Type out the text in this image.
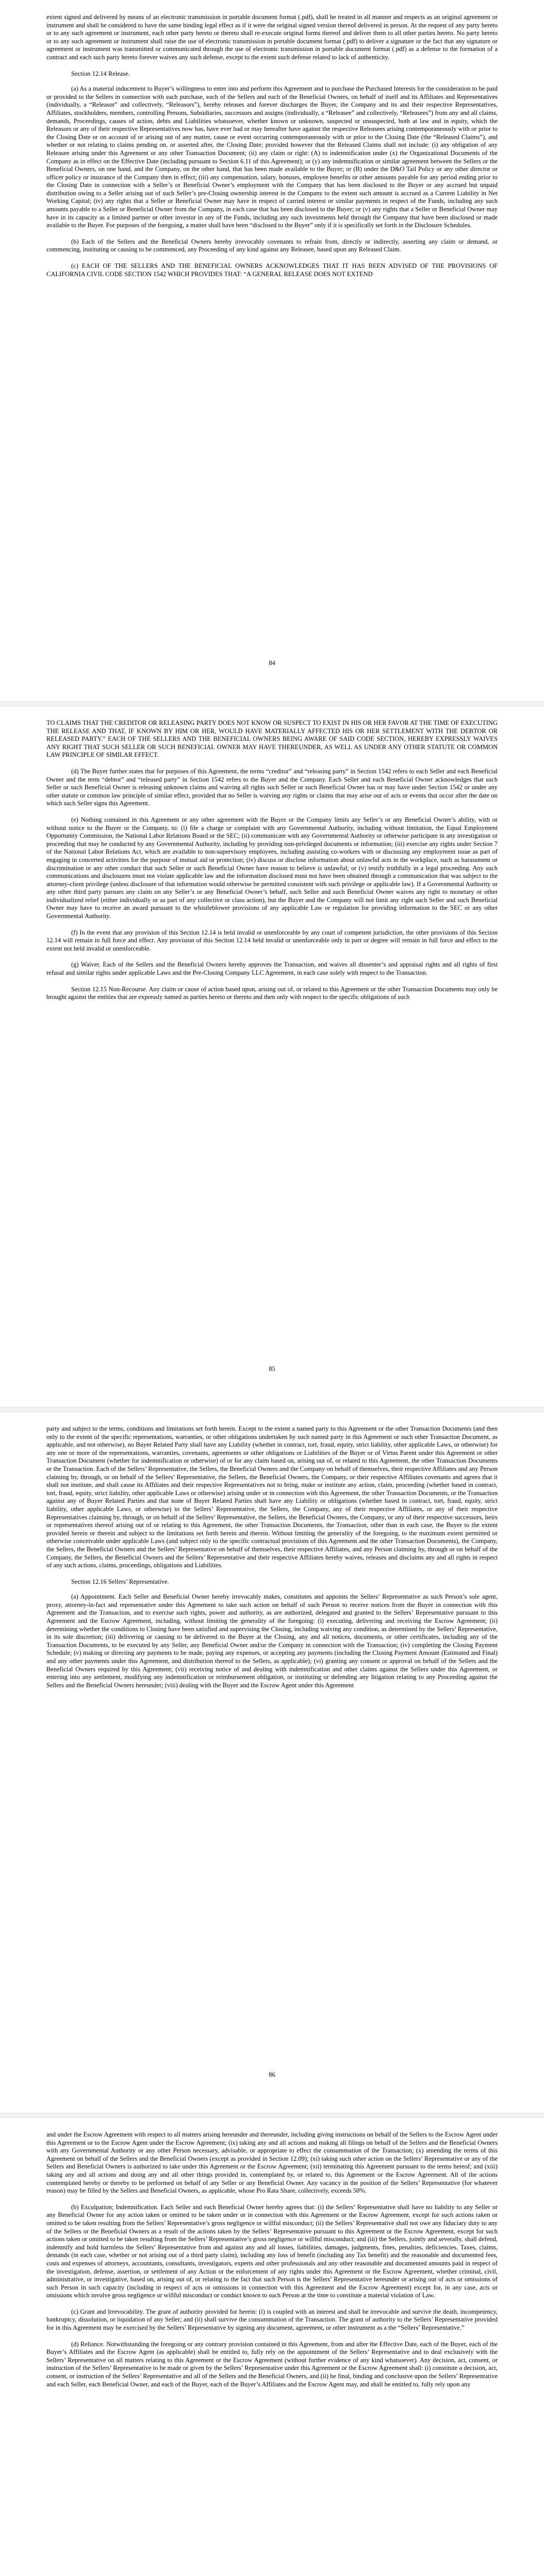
extent signed and delivered by means of an electronic transmission in portable document format (.pdf), shall be treated in all manner and respects as an original agreement or instrument and shall be considered to have the same binding legal effect as if it were the original signed version thereof delivered in person. At the request of any party hereto or to any such agreement or instrument, each other party hereto or thereto shall re-execute original forms thereof and deliver them to all other parties hereto. No party hereto or to any such agreement or instrument shall raise the use of electronic transmission in portable document format (.pdf) to deliver a signature or the fact that any signature or agreement or instrument was transmitted or communicated through the use of electronic transmission in portable document format (.pdf) as a defense to the formation of a contract and each such party hereto forever waives any such defense, except to the extent such defense related to lack of authenticity.

Section 12.14 Release.

(a) As a material inducement to Buyer’s willingness to enter into and perform this Agreement and to purchase the Purchased Interests for the consideration to be paid or provided to the Sellers in connection with such purchase, each of the Sellers and each of the Beneficial Owners, on behalf of itself and its Affiliates and Representatives (individually, a “Releasor” and collectively, “Releasors”), hereby releases and forever discharges the Buyer, the Company and its and their respective Representatives, Affiliates, stockholders, members, controlling Persons, Subsidiaries, successors and assigns (individually, a “Releasee” and collectively, “Releasees”) from any and all claims, demands, Proceedings, causes of action, debts and Liabilities whatsoever, whether known or unknown, suspected or unsuspected, both at law and in equity, which the Releasors or any of their respective Representatives now has, have ever had or may hereafter have against the respective Releasees arising contemporaneously with or prior to the Closing Date or on account of or arising out of any matter, cause or event occurring contemporaneously with or prior to the Closing Date (the “Released Claims”), and whether or not relating to claims pending on, or asserted after, the Closing Date; provided however that the Released Claims shall not include: (i) any obligation of any Releasee arising under this Agreement or any other Transaction Document; (ii) any claim or right: (A) to indemnification under (x) the Organizational Documents of the Company as in effect on the Effective Date (including pursuant to Section 6.11 of this Agreement); or (y) any indemnification or similar agreement between the Sellers or the Beneficial Owners, on one hand, and the Company, on the other hand, that has been made available to the Buyer; or (B) under the D&O Tail Policy or any other director or officer policy or insurance of the Company then in effect; (iii) any compensation, salary, bonuses, employee benefits or other amounts payable for any period ending prior to the Closing Date in connection with a Seller’s or Beneficial Owner’s employment with the Company that has been disclosed to the Buyer or any accrued but unpaid distribution owing to a Seller arising out of such Seller’s pre-Closing ownership interest in the Company to the extent such amount is accrued as a Current Liability in Net Working Capital; (iv) any rights that a Seller or Beneficial Owner may have in respect of carried interest or similar payments in respect of the Funds, including any such amounts payable to a Seller or Beneficial Owner from the Company, in each case that has been disclosed to the Buyer; or (v) any rights that a Seller or Beneficial Owner may have in its capacity as a limited partner or other investor in any of the Funds, including any such investments held through the Company that have been disclosed or made available to the Buyer. For purposes of the foregoing, a matter shall have been “disclosed to the Buyer” only if it is specifically set forth in the Disclosure Schedules.

(b) Each of the Sellers and the Beneficial Owners hereby irrevocably covenants to refrain from, directly or indirectly, asserting any claim or demand, or commencing, instituting or causing to be commenced, any Proceeding of any kind against any Releasee, based upon any Released Claim.

(c) EACH OF THE SELLERS AND THE BENEFICIAL OWNERS ACKNOWLEDGES THAT IT HAS BEEN ADVISED OF THE PROVISIONS OF CALIFORNIA CIVIL CODE SECTION 1542 WHICH PROVIDES THAT: “A GENERAL RELEASE DOES NOT EXTEND

84

TO CLAIMS THAT THE CREDITOR OR RELEASING PARTY DOES NOT KNOW OR SUSPECT TO EXIST IN HIS OR HER FAVOR AT THE TIME OF EXECUTING THE RELEASE AND THAT, IF KNOWN BY HIM OR HER, WOULD HAVE MATERIALLY AFFECTED HIS OR HER SETTLEMENT WITH THE DEBTOR OR RELEASED PARTY.” EACH OF THE SELLERS AND THE BENEFICIAL OWNERS BEING AWARE OF SAID CODE SECTION, HEREBY EXPRESSLY WAIVES ANY RIGHT THAT SUCH SELLER OR SUCH BENEFICIAL OWNER MAY HAVE THEREUNDER, AS WELL AS UNDER ANY OTHER STATUTE OR COMMON LAW PRINCIPLE OF SIMILAR EFFECT.

(d) The Buyer further states that for purposes of this Agreement, the terms “creditor” and “releasing party” in Section 1542 refers to each Seller and each Beneficial Owner and the term “debtor” and “released party” in Section 1542 refers to the Buyer and the Company. Each Seller and each Beneficial Owner acknowledges that such Seller or such Beneficial Owner is releasing unknown claims and waiving all rights such Seller or such Beneficial Owner has or may have under Section 1542 or under any other statute or common law principle of similar effect, provided that no Seller is waiving any rights or claims that may arise out of acts or events that occur after the date on which such Seller signs this Agreement.

(e) Nothing contained in this Agreement or any other agreement with the Buyer or the Company limits any Seller’s or any Beneficial Owner’s ability, with or without notice to the Buyer or the Company, to: (i) file a charge or complaint with any Governmental Authority, including without limitation, the Equal Employment Opportunity Commission, the National Labor Relations Board or the SEC; (ii) communicate with any Governmental Authority or otherwise participate in any investigation or proceeding that may be conducted by any Governmental Authority, including by providing non-privileged documents or information; (iii) exercise any rights under Section 7 of the National Labor Relations Act, which are available to non-supervisory employees, including assisting co-workers with or discussing any employment issue as part of engaging in concerted activities for the purpose of mutual aid or protection; (iv) discuss or disclose information about unlawful acts in the workplace, such as harassment or discrimination or any other conduct that such Seller or such Beneficial Owner have reason to believe is unlawful; or (v) testify truthfully in a legal proceeding. Any such communications and disclosures must not violate applicable law and the information disclosed must not have been obtained through a communication that was subject to the attorney-client privilege (unless disclosure of that information would otherwise be permitted consistent with such privilege or applicable law). If a Governmental Authority or any other third party pursues any claim on any Seller’s or any Beneficial Owner’s behalf, such Seller and such Beneficial Owner waives any right to monetary or other individualized relief (either individually or as part of any collective or class action), but the Buyer and the Company will not limit any right such Seller and such Beneficial Owner may have to receive an award pursuant to the whistleblower provisions of any applicable Law or regulation for providing information to the SEC or any other Governmental Authority.

(f) In the event that any provision of this Section 12.14 is held invalid or unenforceable by any court of competent jurisdiction, the other provisions of this Section 12.14 will remain in full force and effect. Any provision of this Section 12.14 held invalid or unenforceable only in part or degree will remain in full force and effect to the extent not held invalid or unenforceable.

(g) Waiver. Each of the Sellers and the Beneficial Owners hereby approves the Transaction, and waives all dissenter’s and appraisal rights and all rights of first refusal and similar rights under applicable Laws and the Pre-Closing Company LLC Agreement, in each case solely with respect to the Transaction.

Section 12.15 Non-Recourse. Any claim or cause of action based upon, arising out of, or related to this Agreement or the other Transaction Documents may only be brought against the entities that are expressly named as parties hereto or thereto and then only with respect to the specific obligations of such

85

party and subject to the terms, conditions and limitations set forth herein. Except to the extent a named party to this Agreement or the other Transaction Documents (and then only to the extent of the specific representations, warranties, or other obligations undertaken by such named party in this Agreement or such other Transaction Document, as applicable, and not otherwise), no Buyer Related Party shall have any Liability (whether in contract, tort, fraud, equity, strict liability, other applicable Laws, or otherwise) for any one or more of the representations, warranties, covenants, agreements or other obligations or Liabilities of the Buyer or of Virtus Parent under this Agreement or other Transaction Document (whether for indemnification or otherwise) of or for any claim based on, arising out of, or related to this Agreement, the other Transaction Documents or the Transaction. Each of the Sellers’ Representative, the Sellers, the Beneficial Owners and the Company on behalf of themselves, their respective Affiliates and any Person claiming by, through, or on behalf of the Sellers’ Representative, the Sellers, the Beneficial Owners, the Company, or their respective Affiliates covenants and agrees that it shall not institute, and shall cause its Affiliates and their respective Representatives not to bring, make or institute any action, claim, proceeding (whether based in contract, tort, fraud, equity, strict liability, other applicable Laws or otherwise) arising under or in connection with this Agreement, the other Transaction Documents, or the Transaction against any of Buyer Related Parties and that none of Buyer Related Parties shall have any Liability or obligations (whether based in contract, tort, fraud, equity, strict liability, other applicable Laws, or otherwise) to the Sellers’ Representative, the Sellers, the Company, any of their respective Affiliates, or any of their respective Representatives claiming by, through, or on behalf of the Sellers’ Representative, the Sellers, the Beneficial Owners, the Company, or any of their respective successors, heirs or representatives thereof arising out of or relating to this Agreement, the other Transaction Documents, the Transaction, other than in each case, the Buyer to the extent provided herein or therein and subject to the limitations set forth herein and therein. Without limiting the generality of the foregoing, to the maximum extent permitted or otherwise conceivable under applicable Laws (and subject only to the specific contractual provisions of this Agreement and the other Transaction Documents), the Company, the Sellers, the Beneficial Owners and the Sellers’ Representative on behalf of themselves, their respective Affiliates, and any Person claiming by, through or on behalf of the Company, the Sellers, the Beneficial Owners and the Sellers’ Representative and their respective Affiliates hereby waives, releases and disclaims any and all rights in respect of any such actions, claims, proceedings, obligations and Liabilities.

Section 12.16 Sellers’ Representative.

(a) Appointment. Each Seller and Beneficial Owner hereby irrevocably makes, constitutes and appoints the Sellers’ Representative as such Person’s sole agent, proxy, attorney-in-fact and representative under this Agreement to take such action on behalf of such Person to receive notices from the Buyer in connection with this Agreement and the Transaction, and to exercise such rights, power and authority, as are authorized, delegated and granted to the Sellers’ Representative pursuant to this Agreement and the Escrow Agreement, including, without limiting the generality of the foregoing: (i) executing, delivering and receiving the Escrow Agreement; (ii) determining whether the conditions to Closing have been satisfied and supervising the Closing, including waiving any condition, as determined by the Sellers’ Representative, in its sole discretion; (iii) delivering or causing to be delivered to the Buyer at the Closing, any and all notices, documents, or other certificates, including any of the Transaction Documents, to be executed by any Seller, any Beneficial Owner and/or the Company in connection with the Transaction; (iv) completing the Closing Payment Schedule; (v) making or directing any payments to be made, paying any expenses, or accepting any payments (including the Closing Payment Amount (Estimated and Final) and any other payments under this Agreement, and distribution thereof to the Sellers, as applicable); (vi) granting any consent or approval on behalf of the Sellers and the Beneficial Owners required by this Agreement; (vii) receiving notice of and dealing with indemnification and other claims against the Sellers under this Agreement, or entering into any settlement, modifying any indemnification or reimbursement obligation, or instituting or defending any litigation relating to any Proceeding against the Sellers and the Beneficial Owners hereunder; (viii) dealing with the Buyer and the Escrow Agent under this Agreement

86

and under the Escrow Agreement with respect to all matters arising hereunder and thereunder, including giving instructions on behalf of the Sellers to the Escrow Agent under this Agreement or to the Escrow Agent under the Escrow Agreement; (ix) taking any and all actions and making all filings on behalf of the Sellers and the Beneficial Owners with any Governmental Authority or any other Person necessary, advisable, or appropriate to effect the consummation of the Transaction; (x) amending the terms of this Agreement on behalf of the Sellers and the Beneficial Owners (except as provided in Section 12.09); (xi) taking such other action on the Sellers’ Representative or any of the Sellers and Beneficial Owners is authorized to take under this Agreement or the Escrow Agreement; (xii) terminating this Agreement pursuant to the terms hereof; and (xiii) taking any and all actions and doing any and all other things provided in, contemplated by, or related to, this Agreement or the Escrow Agreement. All of the actions contemplated hereby or thereby to be performed on behalf of any Seller or any Beneficial Owner. Any vacancy in the position of the Sellers’ Representative (for whatever reason) may be filled by the Sellers and Beneficial Owners, as applicable, whose Pro Rata Share, collectively, exceeds 50%.

(b) Exculpation; Indemnification. Each Seller and each Beneficial Owner hereby agrees that: (i) the Sellers’ Representative shall have no liability to any Seller or any Beneficial Owner for any action taken or omitted to be taken under or in connection with this Agreement or the Escrow Agreement, except for such actions taken or omitted to be taken resulting from the Sellers’ Representative’s gross negligence or willful misconduct; (ii) the Sellers’ Representative shall not owe any fiduciary duty to any of the Sellers or the Beneficial Owners as a result of the actions taken by the Sellers’ Representative pursuant to this Agreement or the Escrow Agreement, except for such actions taken or omitted to be taken resulting from the Sellers’ Representative’s gross negligence or willful misconduct; and (iii) the Sellers, jointly and severally, shall defend, indemnify and hold harmless the Sellers’ Representative from and against any and all losses, liabilities, damages, judgments, fines, penalties, deficiencies, Taxes, claims, demands (in each case, whether or not arising out of a third party claim), including any loss of benefit (including any Tax benefit) and the reasonable and documented fees, costs and expenses of attorneys, accountants, consultants, investigators, experts and other professionals and any other reasonable and documented amounts paid in respect of the investigation, defense, assertion, or settlement of any Action or the enforcement of any rights under this Agreement or the Escrow Agreement, whether criminal, civil, administrative, or investigative, based on, arising out of, or relating to the fact that such Person is the Sellers’ Representative hereunder or arising out of acts or omissions of such Person in such capacity (including in respect of acts or omissions in connection with this Agreement and the Escrow Agreement) except for, in any case, acts or omissions which involve gross negligence or willful misconduct or conduct known to such Person at the time to constitute a material violation of Law.

(c) Grant and Irrevocability. The grant of authority provided for herein: (i) is coupled with an interest and shall be irrevocable and survive the death, incompetency, bankruptcy, dissolution, or liquidation of any Seller; and (ii) shall survive the consummation of the Transaction. The grant of authority to the Sellers’ Representative provided for in this Agreement may be exercised by the Sellers’ Representative by signing any document, agreement, or other instrument as a the “Sellers’ Representative.”

(d) Reliance. Notwithstanding the foregoing or any contrary provision contained in this Agreement, from and after the Effective Date, each of the Buyer, each of the Buyer’s Affiliates and the Escrow Agent (as applicable) shall be entitled to, fully rely on the appointment of the Sellers’ Representative and to deal exclusively with the Sellers’ Representative on all matters relating to this Agreement or the Escrow Agreement (without further evidence of any kind whatsoever). Any decision, act, consent, or instruction of the Sellers’ Representative to be made or given by the Sellers’ Representative under this Agreement or the Escrow Agreement shall: (i) constitute a decision, act, consent, or instruction of the Sellers’ Representative and all of the Sellers and the Beneficial Owners, and (ii) be final, binding and conclusive upon the Sellers’ Representative and each Seller, each Beneficial Owner, and each of the Buyer, each of the Buyer’s Affiliates and the Escrow Agent may, and shall be entitled to, fully rely upon any
